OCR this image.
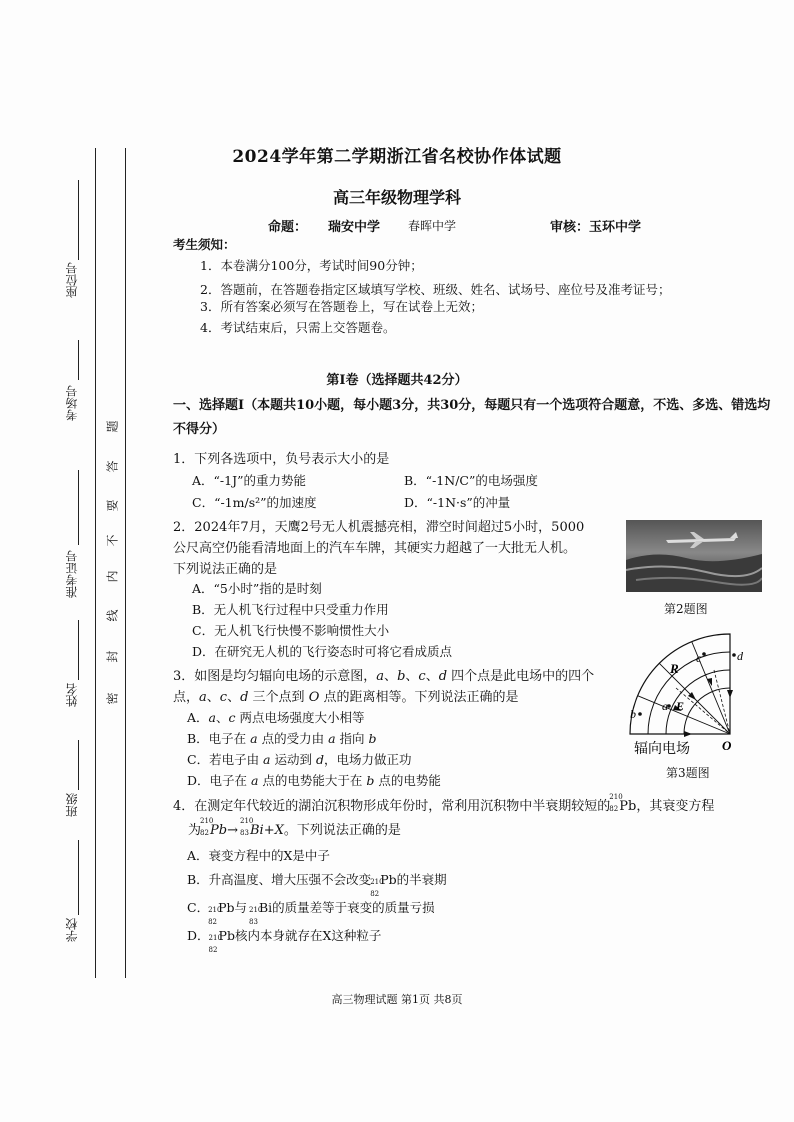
座位号
考场号
准考证号
姓名
班级
学校
密
封
线
内
不
要
答
题
2024学年第二学期浙江省名校协作体试题
高三年级物理学科
命题： 瑞安中学 春晖中学	审核：玉环中学
考生须知：
1．本卷满分100分，考试时间90分钟；
2．答题前，在答题卷指定区域填写学校、班级、姓名、试场号、座位号及准考证号；
3．所有答案必须写在答题卷上，写在试卷上无效；
4．考试结束后，只需上交答题卷。
第Ⅰ卷（选择题共42分）
一、选择题Ⅰ（本题共10小题，每小题3分，共30分，每题只有一个选项符合题意，不选、多选、错选均不得分）
1．下列各选项中，负号表示大小的是
A．“-1J”的重力势能	B．“-1N/C”的电场强度
C．“-1m/s²”的加速度	D．“-1N·s”的冲量
2．2024年7月，天鹰2号无人机震撼亮相，滞空时间超过5小时，5000
公尺高空仍能看清地面上的汽车车牌，其硬实力超越了一大批无人机。
下列说法正确的是
A．“5小时”指的是时刻
B．无人机飞行过程中只受重力作用
C．无人机飞行快慢不影响惯性大小
D．在研究无人机的飞行姿态时可将它看成质点
第2题图
3．如图是均匀辐向电场的示意图，a、b、c、d 四个点是此电场中的四个
点，a、c、d 三个点到 O 点的距离相等。下列说法正确的是
A．a、c 两点电场强度大小相等
B．电子在 a 点的受力由 a 指向 b
C．若电子由 a 运动到 d，电场力做正功
D．电子在 a 点的电势能大于在 b 点的电势能
a
b
c	d
R
E
O
辐向电场
第3题图
4．在测定年代较近的湖泊沉积物形成年份时，常利用沉积物中半衰期较短的
210
82 Pb，其衰变方程
为
210
82 Pb→
210
83 Bi+X。下列说法正确的是
A．衰变方程中的X是中子
B．升高温度、增大压强不会改变 210
82
Pb的半衰期
C． 210
82
Pb与 210
83
Bi的质量差等于衰变的质量亏损
D． 210
82
Pb核内本身就存在X这种粒子
高三物理试题 第1页 共8页
